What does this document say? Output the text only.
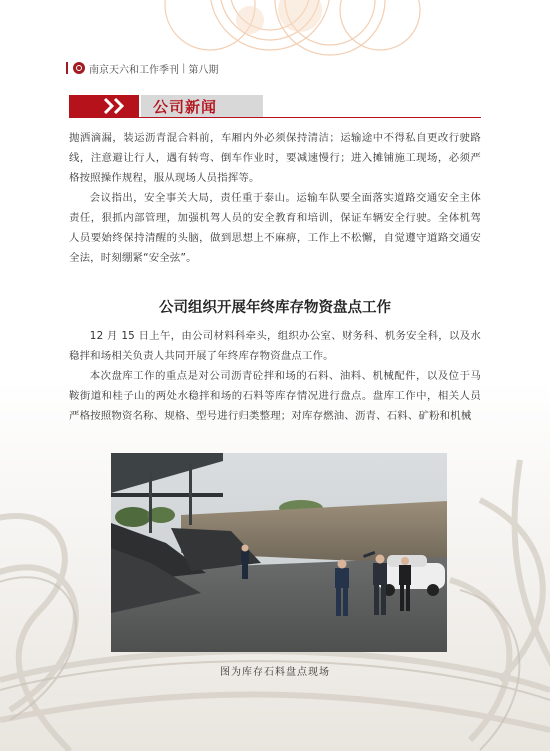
南京天六和工作季刊 | 第八期
公司新闻

抛洒滴漏，装运沥青混合料前，车厢内外必须保持清洁；运输途中不得私自更改行驶路线，注意避让行人，遇有转弯、倒车作业时，要减速慢行；进入摊铺施工现场，必须严格按照操作规程，服从现场人员指挥等。

会议指出，安全事关大局，责任重于泰山。运输车队要全面落实道路交通安全主体责任，狠抓内部管理，加强机驾人员的安全教育和培训，保证车辆安全行驶。全体机驾人员要始终保持清醒的头脑，做到思想上不麻痹，工作上不松懈，自觉遵守道路交通安全法，时刻绷紧“安全弦”。

公司组织开展年终库存物资盘点工作

12 月 15 日上午，由公司材料科牵头，组织办公室、财务科、机务安全科，以及水稳拌和场相关负责人共同开展了年终库存物资盘点工作。

本次盘库工作的重点是对公司沥青砼拌和场的石料、油料、机械配件，以及位于马鞍街道和桂子山的两处水稳拌和场的石料等库存情况进行盘点。盘库工作中，相关人员严格按照物资名称、规格、型号进行归类整理；对库存燃油、沥青、石料、矿粉和机械

图为库存石料盘点现场
